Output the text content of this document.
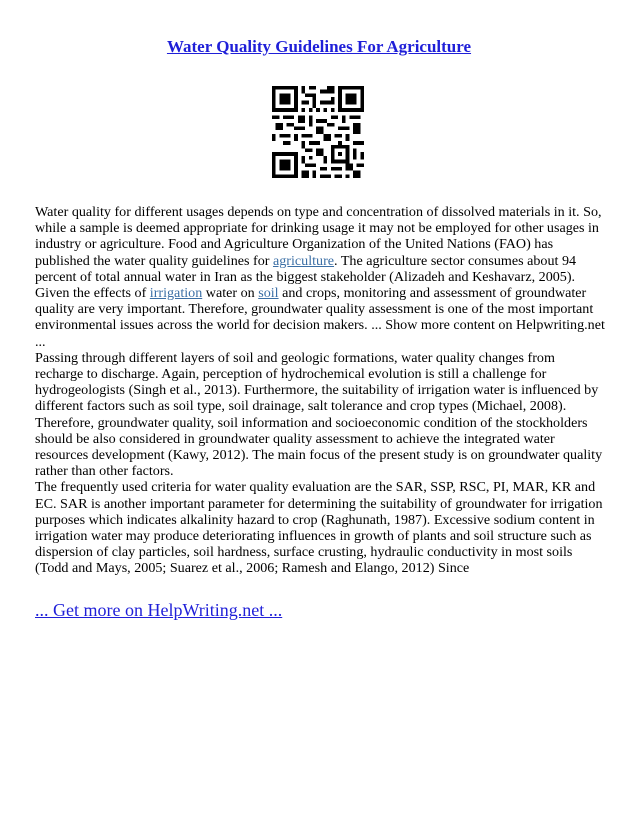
Water Quality Guidelines For Agriculture

Water quality for different usages depends on type and concentration of dissolved materials in it. So, while a sample is deemed appropriate for drinking usage it may not be employed for other usages in industry or agriculture. Food and Agriculture Organization of the United Nations (FAO) has published the water quality guidelines for agriculture. The agriculture sector consumes about 94 percent of total annual water in Iran as the biggest stakeholder (Alizadeh and Keshavarz, 2005). Given the effects of irrigation water on soil and crops, monitoring and assessment of groundwater quality are very important. Therefore, groundwater quality assessment is one of the most important environmental issues across the world for decision makers. ... Show more content on Helpwriting.net ...

Passing through different layers of soil and geologic formations, water quality changes from recharge to discharge. Again, perception of hydrochemical evolution is still a challenge for hydrogeologists (Singh et al., 2013). Furthermore, the suitability of irrigation water is influenced by different factors such as soil type, soil drainage, salt tolerance and crop types (Michael, 2008). Therefore, groundwater quality, soil information and socioeconomic condition of the stockholders should be also considered in groundwater quality assessment to achieve the integrated water resources development (Kawy, 2012). The main focus of the present study is on groundwater quality rather than other factors.

The frequently used criteria for water quality evaluation are the SAR, SSP, RSC, PI, MAR, KR and EC. SAR is another important parameter for determining the suitability of groundwater for irrigation purposes which indicates alkalinity hazard to crop (Raghunath, 1987). Excessive sodium content in irrigation water may produce deteriorating influences in growth of plants and soil structure such as dispersion of clay particles, soil hardness, surface crusting, hydraulic conductivity in most soils (Todd and Mays, 2005; Suarez et al., 2006; Ramesh and Elango, 2012) Since

... Get more on HelpWriting.net ...
